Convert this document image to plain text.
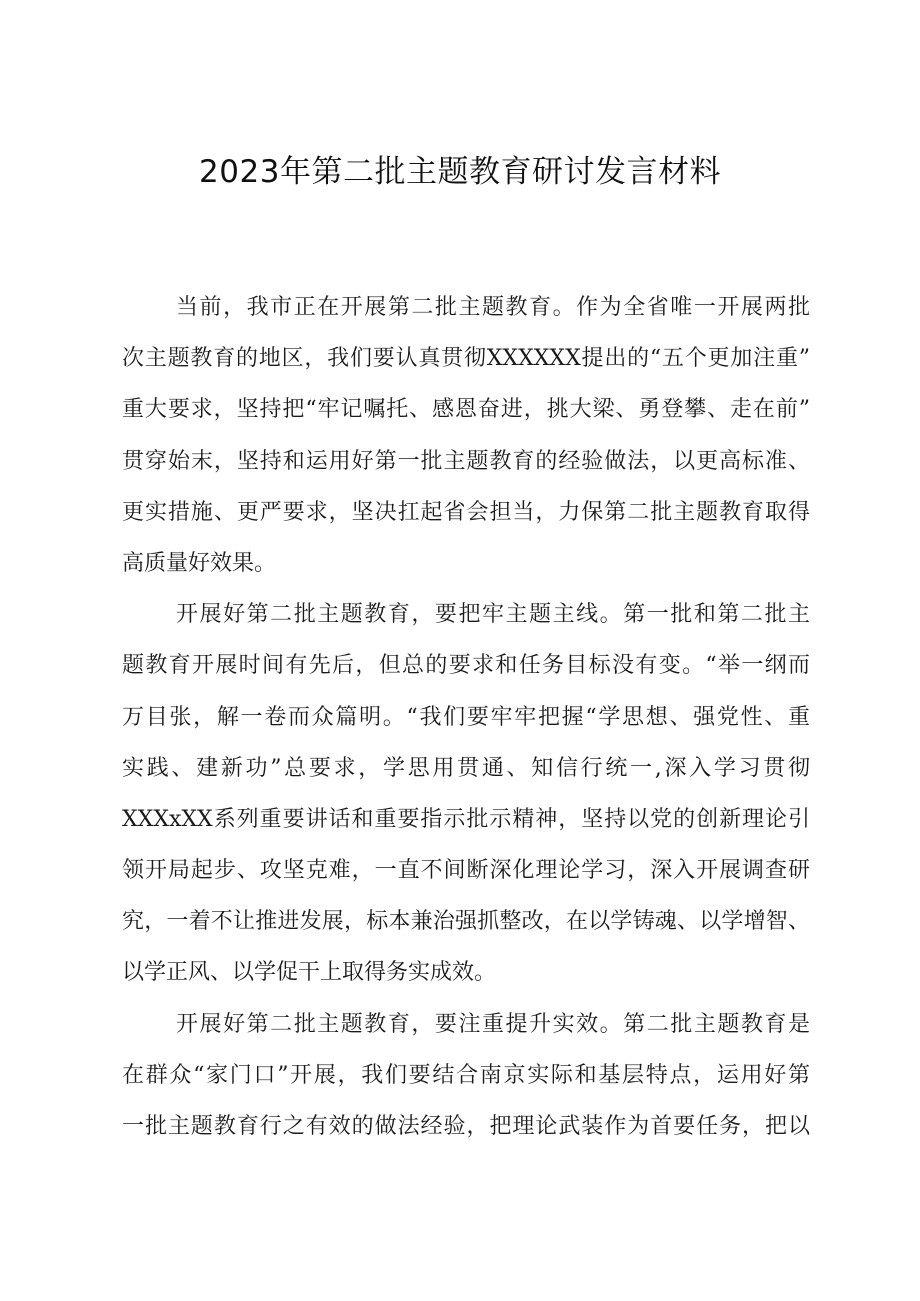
2023年第二批主题教育研讨发言材料
当前，我市正在开展第二批主题教育。作为全省唯一开展两批
次主题教育的地区，我们要认真贯彻XXXXXX提出的“五个更加注重”
重大要求，坚持把“牢记嘱托、感恩奋进，挑大梁、勇登攀、走在前”
贯穿始末，坚持和运用好第一批主题教育的经验做法，以更高标准、
更实措施、更严要求，坚决扛起省会担当，力保第二批主题教育取得
高质量好效果。
开展好第二批主题教育，要把牢主题主线。第一批和第二批主
题教育开展时间有先后，但总的要求和任务目标没有变。“举一纲而
万目张，解一卷而众篇明。“我们要牢牢把握“学思想、强党性、重
实践、建新功”总要求，学思用贯通、知信行统一,深入学习贯彻
XXXxXX系列重要讲话和重要指示批示精神，坚持以党的创新理论引
领开局起步、攻坚克难，一直不间断深化理论学习，深入开展调查研
究，一着不让推进发展，标本兼治强抓整改，在以学铸魂、以学增智、
以学正风、以学促干上取得务实成效。
开展好第二批主题教育，要注重提升实效。第二批主题教育是
在群众“家门口”开展，我们要结合南京实际和基层特点，运用好第
一批主题教育行之有效的做法经验，把理论武装作为首要任务，把以
